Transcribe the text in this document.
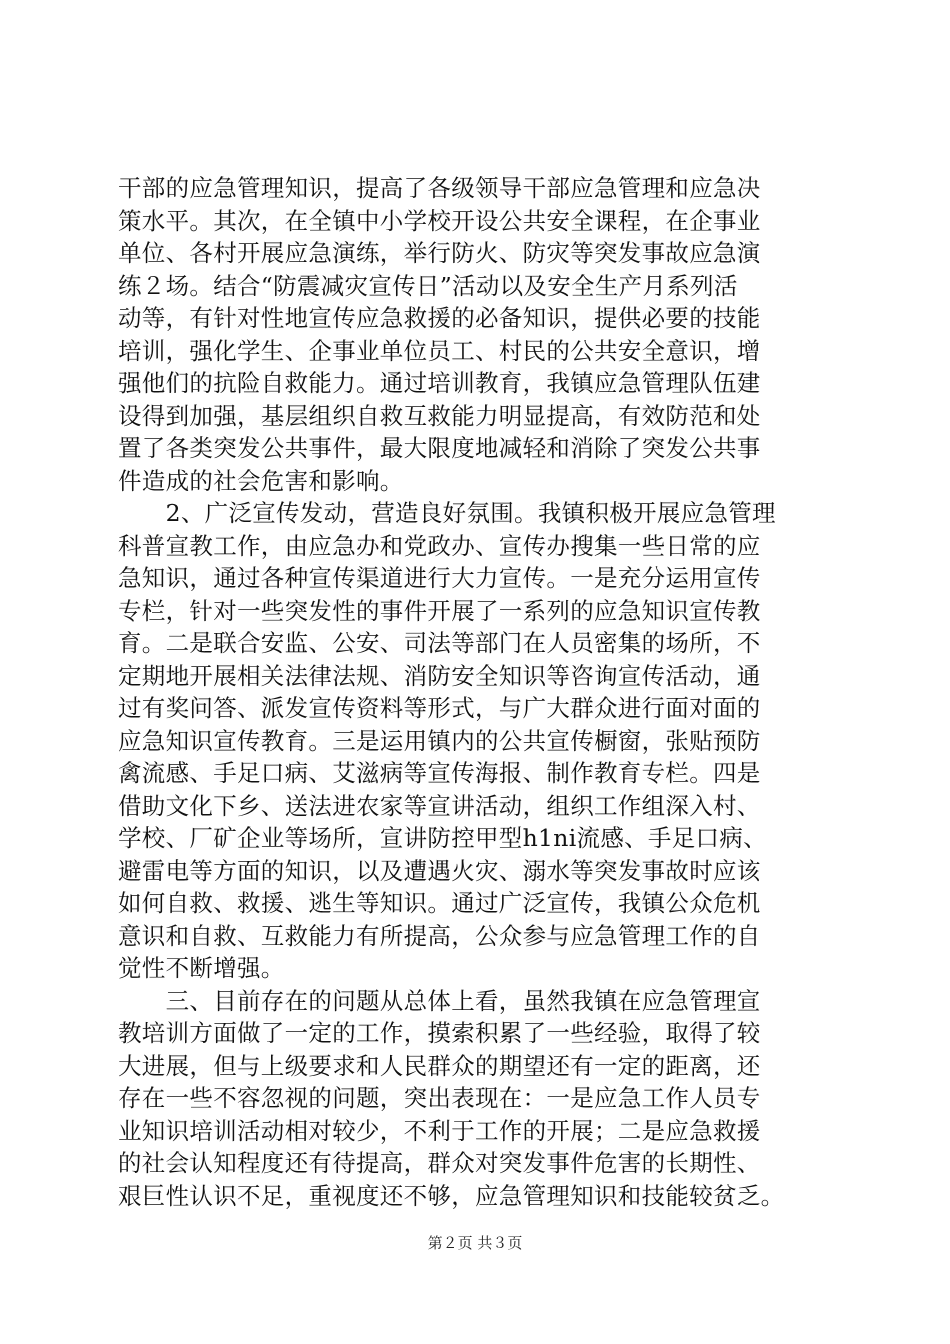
干部的应急管理知识，提高了各级领导干部应急管理和应急决
策水平。其次，在全镇中小学校开设公共安全课程，在企事业
单位、各村开展应急演练，举行防火、防灾等突发事故应急演
练２场。结合“防震减灾宣传日”活动以及安全生产月系列活
动等，有针对性地宣传应急救援的必备知识，提供必要的技能
培训，强化学生、企事业单位员工、村民的公共安全意识，增
强他们的抗险自救能力。通过培训教育，我镇应急管理队伍建
设得到加强，基层组织自救互救能力明显提高，有效防范和处
置了各类突发公共事件，最大限度地减轻和消除了突发公共事
件造成的社会危害和影响。
　　2、广泛宣传发动，营造良好氛围。我镇积极开展应急管理
科普宣教工作，由应急办和党政办、宣传办搜集一些日常的应
急知识，通过各种宣传渠道进行大力宣传。一是充分运用宣传
专栏，针对一些突发性的事件开展了一系列的应急知识宣传教
育。二是联合安监、公安、司法等部门在人员密集的场所，不
定期地开展相关法律法规、消防安全知识等咨询宣传活动，通
过有奖问答、派发宣传资料等形式，与广大群众进行面对面的
应急知识宣传教育。三是运用镇内的公共宣传橱窗，张贴预防
禽流感、手足口病、艾滋病等宣传海报、制作教育专栏。四是
借助文化下乡、送法进农家等宣讲活动，组织工作组深入村、
学校、厂矿企业等场所，宣讲防控甲型h1ni流感、手足口病、
避雷电等方面的知识，以及遭遇火灾、溺水等突发事故时应该
如何自救、救援、逃生等知识。通过广泛宣传，我镇公众危机
意识和自救、互救能力有所提高，公众参与应急管理工作的自
觉性不断增强。
　　三、目前存在的问题从总体上看，虽然我镇在应急管理宣
教培训方面做了一定的工作，摸索积累了一些经验，取得了较
大进展，但与上级要求和人民群众的期望还有一定的距离，还
存在一些不容忽视的问题，突出表现在：一是应急工作人员专
业知识培训活动相对较少，不利于工作的开展；二是应急救援
的社会认知程度还有待提高，群众对突发事件危害的长期性、
艰巨性认识不足，重视度还不够，应急管理知识和技能较贫乏。
第２页 共３页
